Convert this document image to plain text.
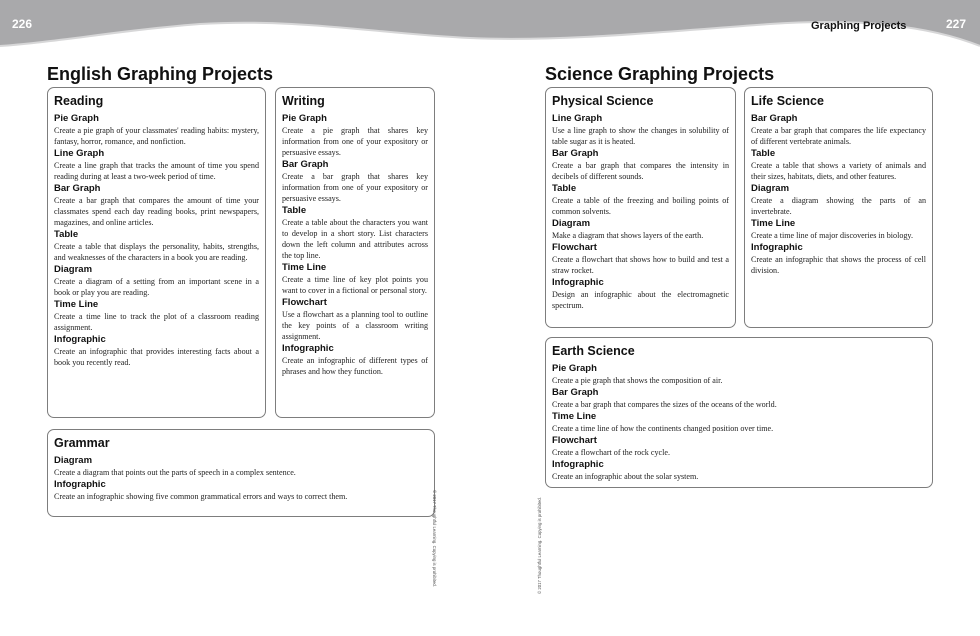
226	227
Graphing Projects
English Graphing Projects
Reading
Pie Graph

Create a pie graph of your classmates' reading habits: mystery, fantasy, horror, romance, and nonfiction.

Line Graph

Create a line graph that tracks the amount of time you spend reading during at least a two-week period of time.

Bar Graph

Create a bar graph that compares the amount of time your classmates spend each day reading books, print newspapers, magazines, and online articles.

Table

Create a table that displays the personality, habits, strengths, and weaknesses of the characters in a book you are reading.

Diagram

Create a diagram of a setting from an important scene in a book or play you are reading.

Time Line

Create a time line to track the plot of a classroom reading assignment.

Infographic

Create an infographic that provides interesting facts about a book you recently read.

Writing
Pie Graph

Create a pie graph that shares key information from one of your expository or persuasive essays.

Bar Graph

Create a bar graph that shares key information from one of your expository or persuasive essays.

Table

Create a table about the characters you want to develop in a short story. List characters down the left column and attributes across the top line.

Time Line

Create a time line of key plot points you want to cover in a fictional or personal story.

Flowchart

Use a flowchart as a planning tool to outline the key points of a classroom writing assignment.

Infographic

Create an infographic of different types of phrases and how they function.

Grammar
Diagram

Create a diagram that points out the parts of speech in a complex sentence.

Infographic

Create an infographic showing five common grammatical errors and ways to correct them.	© 2017 Thoughtful Learning. Copying is prohibited.
Science Graphing Projects
Physical Science
Line Graph

Use a line graph to show the changes in solubility of table sugar as it is heated.

Bar Graph

Create a bar graph that compares the intensity in decibels of different sounds.

Table

Create a table of the freezing and boiling points of common solvents.

Diagram

Make a diagram that shows layers of the earth.

Flowchart

Create a flowchart that shows how to build and test a straw rocket.

Infographic

Design an infographic about the electromagnetic spectrum.

Life Science
Bar Graph

Create a bar graph that compares the life expectancy of different vertebrate animals.

Table

Create a table that shows a variety of animals and their sizes, habitats, diets, and other features.

Diagram

Create a diagram showing the parts of an invertebrate.

Time Line

Create a time line of major discoveries in biology.

Infographic

Create an infographic that shows the process of cell division.

Earth Science
Pie Graph

Create a pie graph that shows the composition of air.

Bar Graph

Create a bar graph that compares the sizes of the oceans of the world.

Time Line

Create a time line of how the continents changed position over time.

Flowchart

Create a flowchart of the rock cycle.

Infographic

Create an infographic about the solar system.

© 2017 Thoughtful Learning. Copying is prohibited.
